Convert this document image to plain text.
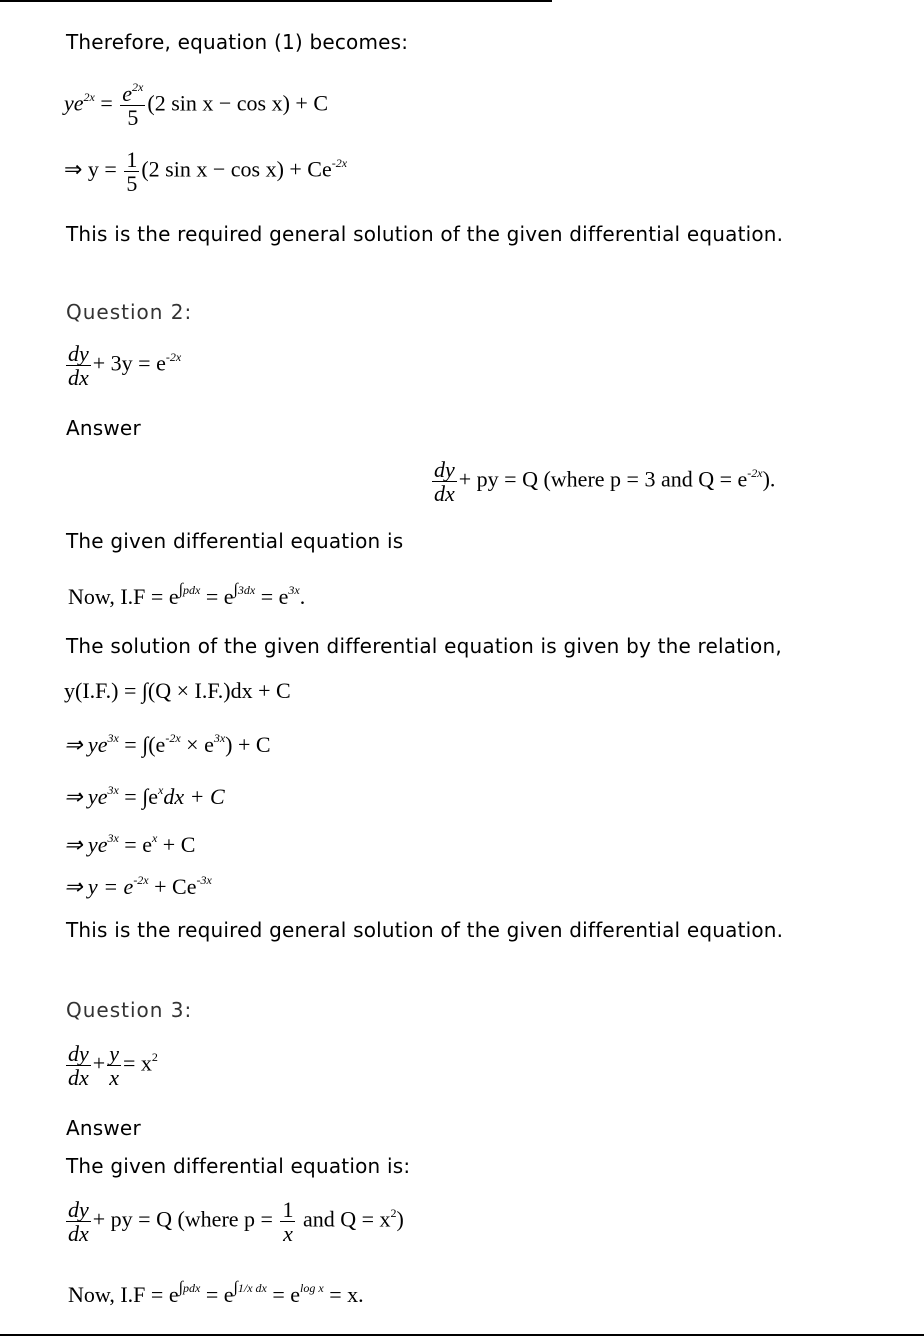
Therefore, equation (1) becomes:
$ye^{2x} = \frac{e^{2x}}{5} (2$ sin x − cos x) + C
⇒ $y = \frac{1}{5} (2$ $\sin x - \cos x) + Ce^{-2x}$
This is the required general solution of the given differential equation.
Question 2:
$\frac{dy}{dx} + 3y = e^{-2x}$
Answer
$\frac{dy}{dx}$ + py = Q (where p = 3 and $Q = e^{-2x}$).
The given differential equation is
Now, $I.F = e^{\int pdx} = e^{\int 3dx} = e^{3x}$.
The solution of the given differential equation is given by the relation,
y(I.F.) = ∫(Q × I.F.)dx + C
⇒ $ye^{3x} = \int(e^{-2x} \times e^{3x}) + C$
⇒ $ye^{3x} = \int e^xdx + C$
⇒ $ye^{3x} = e^x + C$
⇒ $y = e^{-2x} + Ce^{-3x}$
This is the required general solution of the given differential equation.
Question 3:
$\frac{dy}{dx} + \frac{y}{x} = x^2$
Answer
The given differential equation is:
$\frac{dy}{dx}$ + py = Q (where $p = \frac{1}{x}$ and $Q = x^2$)
Now, $I.F = e^{\int pdx} = e^{\int 1/x dx} = e^{log x} = x$.
